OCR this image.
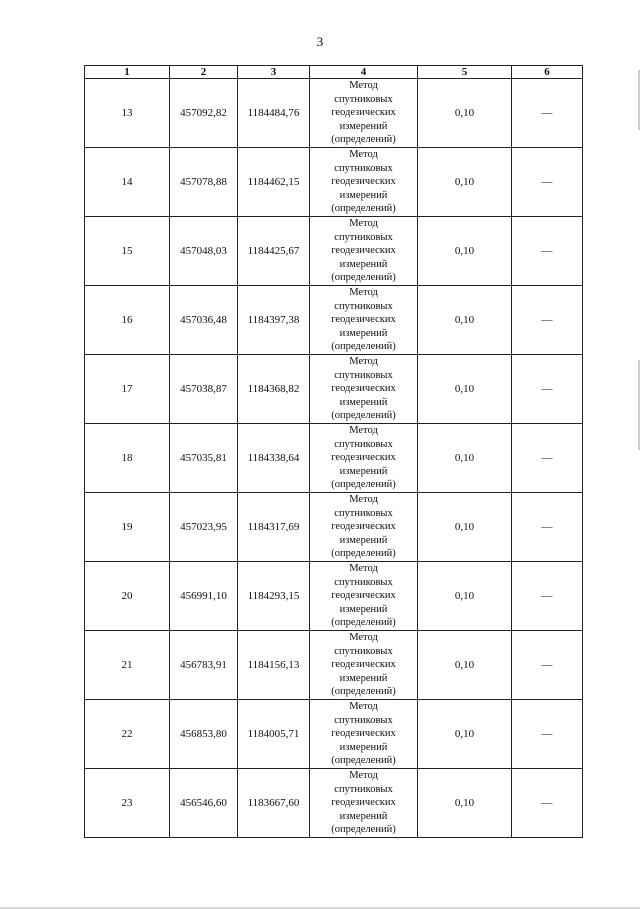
3
1	2	3	4	5	6
13	457092,82	1184484,76	Метод
спутниковых
геодезических
измерений
(определений)	0,10	—
14	457078,88	1184462,15	Метод
спутниковых
геодезических
измерений
(определений)	0,10	—
15	457048,03	1184425,67	Метод
спутниковых
геодезических
измерений
(определений)	0,10	—
16	457036,48	1184397,38	Метод
спутниковых
геодезических
измерений
(определений)	0,10	—
17	457038,87	1184368,82	Метод
спутниковых
геодезических
измерений
(определений)	0,10	—
18	457035,81	1184338,64	Метод
спутниковых
геодезических
измерений
(определений)	0,10	—
19	457023,95	1184317,69	Метод
спутниковых
геодезических
измерений
(определений)	0,10	—
20	456991,10	1184293,15	Метод
спутниковых
геодезических
измерений
(определений)	0,10	—
21	456783,91	1184156,13	Метод
спутниковых
геодезических
измерений
(определений)	0,10	—
22	456853,80	1184005,71	Метод
спутниковых
геодезических
измерений
(определений)	0,10	—
23	456546,60	1183667,60	Метод
спутниковых
геодезических
измерений
(определений)	0,10	—
